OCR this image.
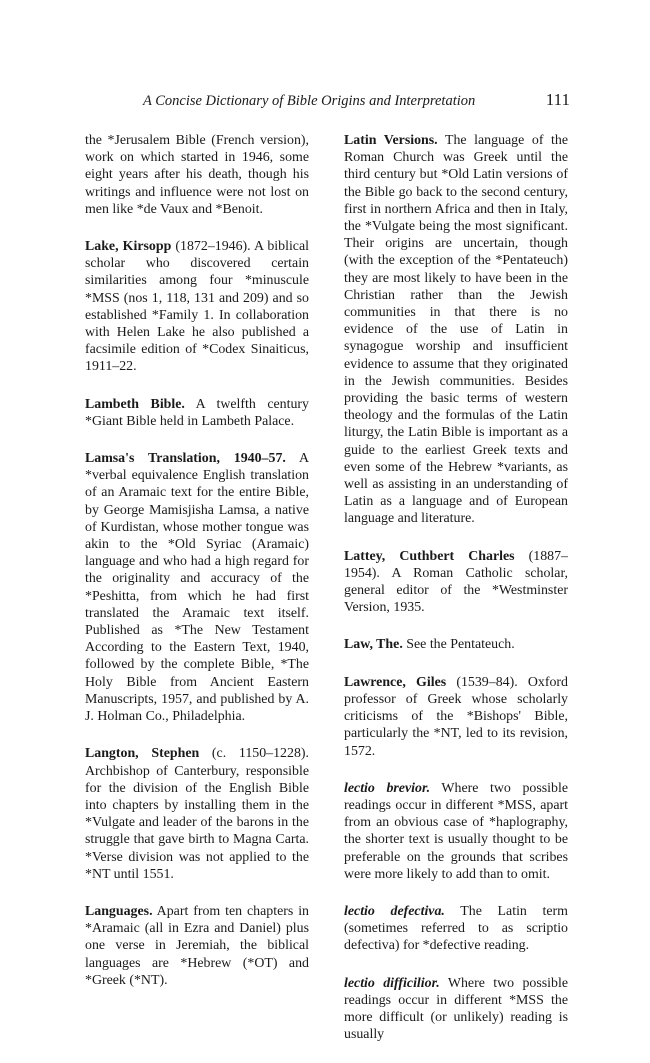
A Concise Dictionary of Bible Origins and Interpretation	111

the *Jerusalem Bible (French version), work on which started in 1946, some eight years after his death, though his writings and influence were not lost on men like *de Vaux and *Benoit.

Lake, Kirsopp (1872–1946). A biblical scholar who discovered certain similarities among four *minuscule *MSS (nos 1, 118, 131 and 209) and so established *Family 1. In collaboration with Helen Lake he also published a facsimile edition of *Codex Sinaiticus, 1911–22.

Lambeth Bible. A twelfth century *Giant Bible held in Lambeth Palace.

Lamsa's Translation, 1940–57. A *verbal equivalence English translation of an Aramaic text for the entire Bible, by George Mamisjisha Lamsa, a native of Kurdistan, whose mother tongue was akin to the *Old Syriac (Aramaic) language and who had a high regard for the originality and accuracy of the *Peshitta, from which he had first translated the Aramaic text itself. Published as *The New Testament According to the Eastern Text, 1940, followed by the complete Bible, *The Holy Bible from Ancient Eastern Manuscripts, 1957, and published by A. J. Holman Co., Philadelphia.

Langton, Stephen (c. 1150–1228). Archbishop of Canterbury, responsible for the division of the English Bible into chapters by installing them in the *Vulgate and leader of the barons in the struggle that gave birth to Magna Carta. *Verse division was not applied to the *NT until 1551.

Languages. Apart from ten chapters in *Aramaic (all in Ezra and Daniel) plus one verse in Jeremiah, the biblical languages are *Hebrew (*OT) and *Greek (*NT).

Latin Versions. The language of the Roman Church was Greek until the third century but *Old Latin versions of the Bible go back to the second century, first in northern Africa and then in Italy, the *Vulgate being the most significant. Their origins are uncertain, though (with the exception of the *Pentateuch) they are most likely to have been in the Christian rather than the Jewish communities in that there is no evidence of the use of Latin in synagogue worship and insufficient evidence to assume that they originated in the Jewish communities. Besides providing the basic terms of western theology and the formulas of the Latin liturgy, the Latin Bible is important as a guide to the earliest Greek texts and even some of the Hebrew *variants, as well as assisting in an understanding of Latin as a language and of European language and literature.

Lattey, Cuthbert Charles (1887–1954). A Roman Catholic scholar, general editor of the *Westminster Version, 1935.

Law, The. See the Pentateuch.

Lawrence, Giles (1539–84). Oxford professor of Greek whose scholarly criticisms of the *Bishops' Bible, particularly the *NT, led to its revision, 1572.

lectio brevior. Where two possible readings occur in different *MSS, apart from an obvious case of *haplography, the shorter text is usually thought to be preferable on the grounds that scribes were more likely to add than to omit.

lectio defectiva. The Latin term (sometimes referred to as scriptio defectiva) for *defective reading.

lectio difficilior. Where two possible readings occur in different *MSS the more difficult (or unlikely) reading is usually
